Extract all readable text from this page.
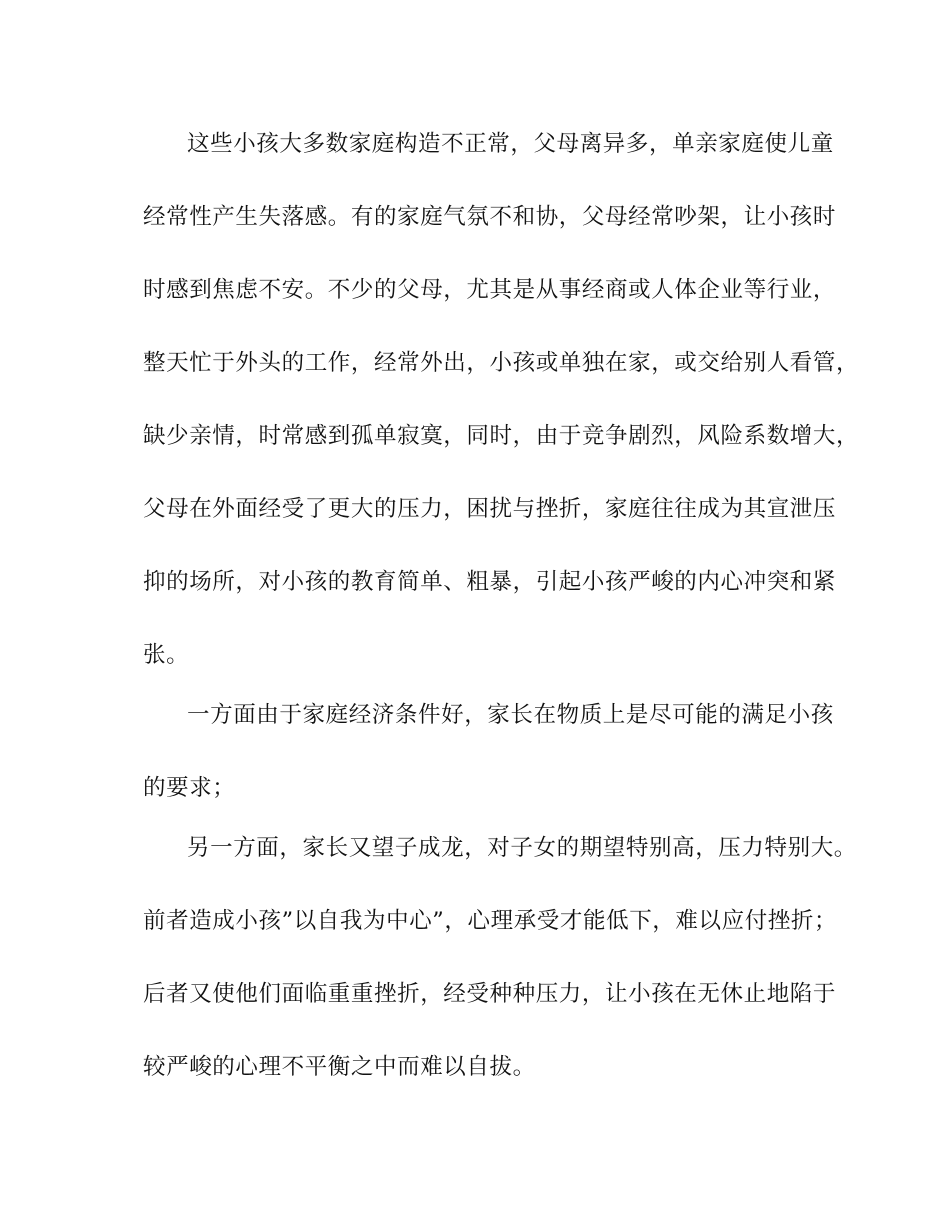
这些小孩大多数家庭构造不正常，父母离异多，单亲家庭使儿童
经常性产生失落感。有的家庭气氛不和协，父母经常吵架，让小孩时
时感到焦虑不安。不少的父母，尤其是从事经商或人体企业等行业，
整天忙于外头的工作，经常外出，小孩或单独在家，或交给别人看管，
缺少亲情，时常感到孤单寂寞，同时，由于竞争剧烈，风险系数增大，
父母在外面经受了更大的压力，困扰与挫折，家庭往往成为其宣泄压
抑的场所，对小孩的教育简单、粗暴，引起小孩严峻的内心冲突和紧
张。
一方面由于家庭经济条件好，家长在物质上是尽可能的满足小孩
的要求；
另一方面，家长又望子成龙，对子女的期望特别高，压力特别大。
前者造成小孩”以自我为中心”，心理承受才能低下，难以应付挫折；
后者又使他们面临重重挫折，经受种种压力，让小孩在无休止地陷于
较严峻的心理不平衡之中而难以自拔。
